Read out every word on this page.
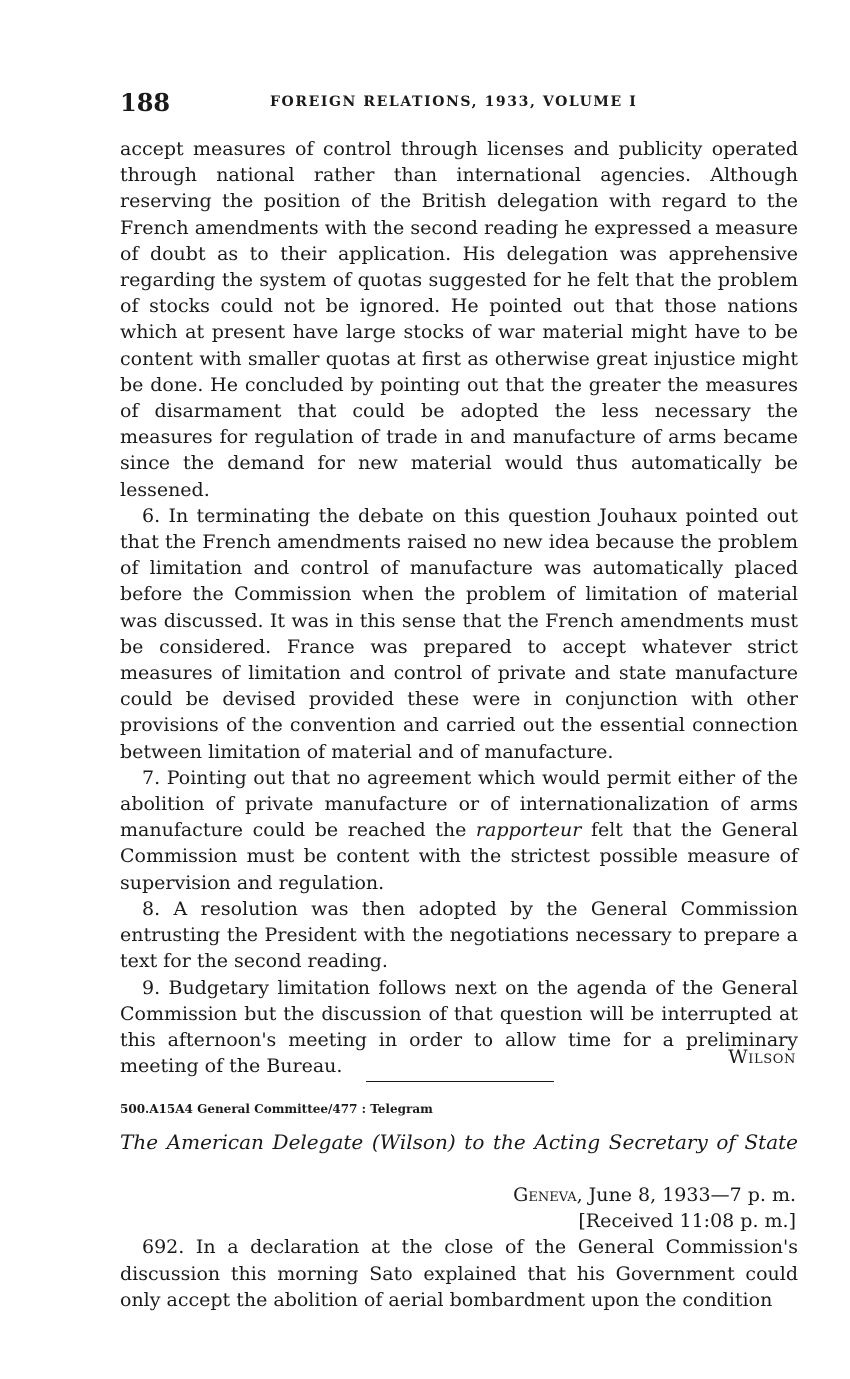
188	FOREIGN RELATIONS, 1933, VOLUME I

accept measures of control through licenses and publicity operated through national rather than international agencies. Although reserving the position of the British delegation with regard to the French amendments with the second reading he expressed a measure of doubt as to their application. His delegation was apprehensive regarding the system of quotas suggested for he felt that the problem of stocks could not be ignored. He pointed out that those nations which at present have large stocks of war material might have to be content with smaller quotas at first as otherwise great injustice might be done. He concluded by pointing out that the greater the measures of disarmament that could be adopted the less necessary the measures for regulation of trade in and manufacture of arms became since the demand for new material would thus automatically be lessened.

6. In terminating the debate on this question Jouhaux pointed out that the French amendments raised no new idea because the problem of limitation and control of manufacture was automatically placed before the Commission when the problem of limitation of material was discussed. It was in this sense that the French amendments must be considered. France was prepared to accept whatever strict measures of limitation and control of private and state manufacture could be devised provided these were in conjunction with other provisions of the convention and carried out the essential connection between limitation of material and of manufacture.

7. Pointing out that no agreement which would permit either of the abolition of private manufacture or of internationalization of arms manufacture could be reached the rapporteur felt that the General Commission must be content with the strictest possible measure of supervision and regulation.

8. A resolution was then adopted by the General Commission entrusting the President with the negotiations necessary to prepare a text for the second reading.

9. Budgetary limitation follows next on the agenda of the General Commission but the discussion of that question will be interrupted at this afternoon's meeting in order to allow time for a preliminary meeting of the Bureau.	Wilson
500.A15A4 General Committee/477 : Telegram
The American Delegate (Wilson) to the Acting Secretary of State
Geneva, June 8, 1933—7 p. m.
[Received 11:08 p. m.]

692. In a declaration at the close of the General Commission's discussion this morning Sato explained that his Government could only accept the abolition of aerial bombardment upon the condition
